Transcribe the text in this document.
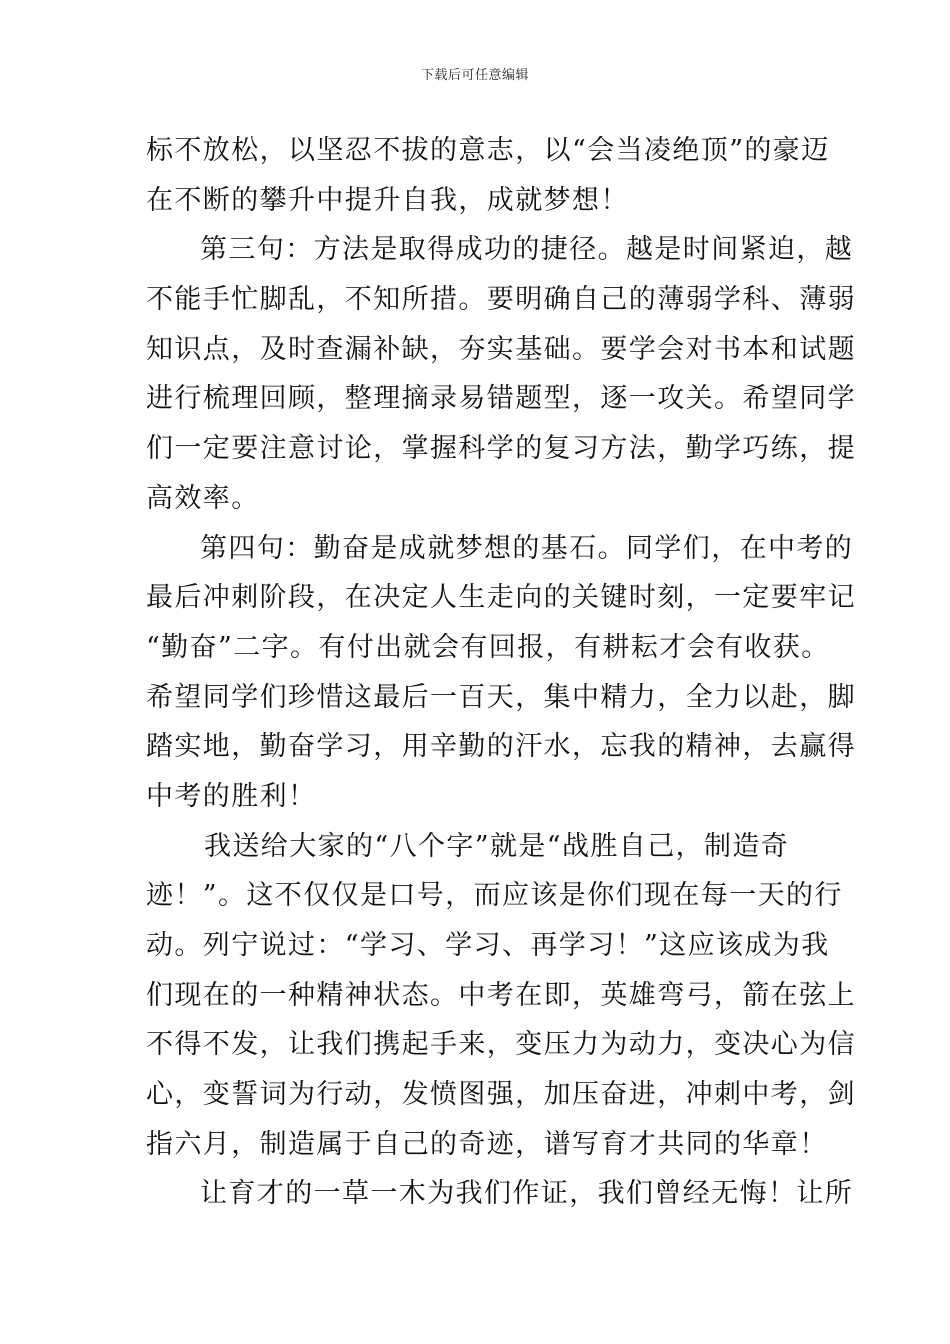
下载后可任意编辑
标不放松，以坚忍不拔的意志，以“会当凌绝顶”的豪迈
在不断的攀升中提升自我，成就梦想！
第三句：方法是取得成功的捷径。越是时间紧迫，越
不能手忙脚乱，不知所措。要明确自己的薄弱学科、薄弱
知识点，及时查漏补缺，夯实基础。要学会对书本和试题
进行梳理回顾，整理摘录易错题型，逐一攻关。希望同学
们一定要注意讨论，掌握科学的复习方法，勤学巧练，提
高效率。
第四句：勤奋是成就梦想的基石。同学们，在中考的
最后冲刺阶段，在决定人生走向的关键时刻，一定要牢记
“勤奋”二字。有付出就会有回报，有耕耘才会有收获。
希望同学们珍惜这最后一百天，集中精力，全力以赴，脚
踏实地，勤奋学习，用辛勤的汗水，忘我的精神，去赢得
中考的胜利！
我送给大家的“八个字”就是“战胜自己，制造奇
迹！”。这不仅仅是口号，而应该是你们现在每一天的行
动。列宁说过：“学习、学习、再学习！”这应该成为我
们现在的一种精神状态。中考在即，英雄弯弓，箭在弦上
不得不发，让我们携起手来，变压力为动力，变决心为信
心，变誓词为行动，发愤图强，加压奋进，冲刺中考，剑
指六月，制造属于自己的奇迹，谱写育才共同的华章！
让育才的一草一木为我们作证，我们曾经无悔！让所
